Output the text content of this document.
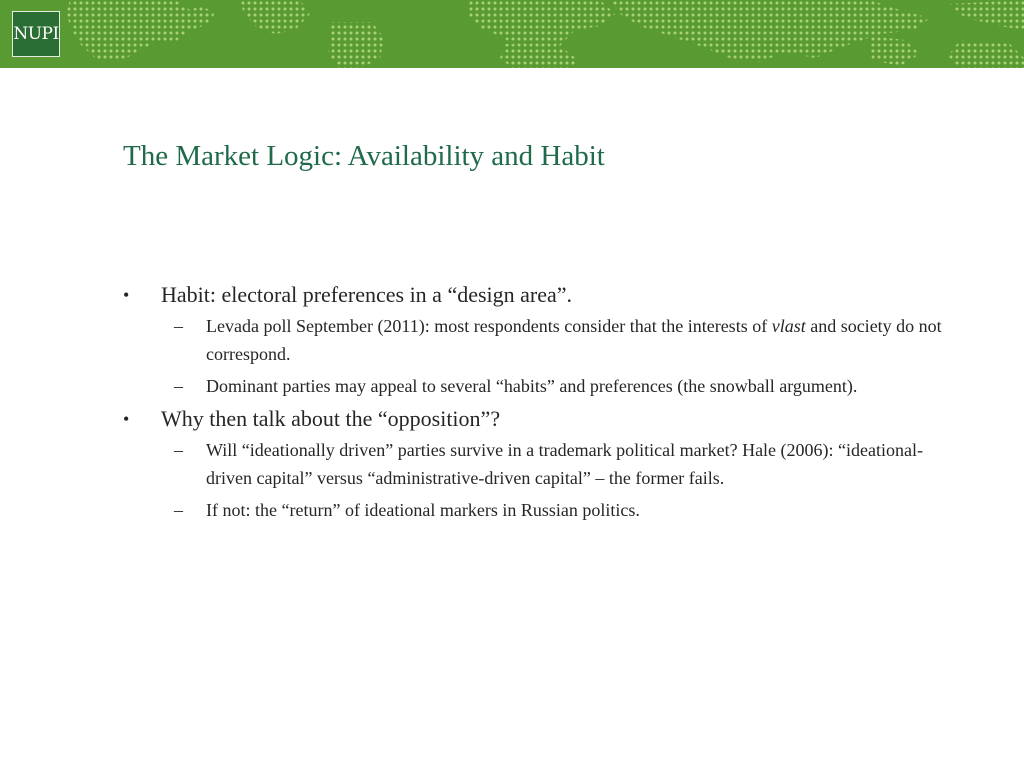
NUPI
The Market Logic: Availability and Habit
• Habit: electoral preferences in a “design area”.
– Levada poll September (2011): most respondents consider that the interests of vlast and society do not correspond.
– Dominant parties may appeal to several “habits” and preferences (the snowball argument).
• Why then talk about the “opposition”?
– Will “ideationally driven” parties survive in a trademark political market? Hale (2006): “ideational-driven capital” versus “administrative-driven capital” – the former fails.
– If not: the “return” of ideational markers in Russian politics.
